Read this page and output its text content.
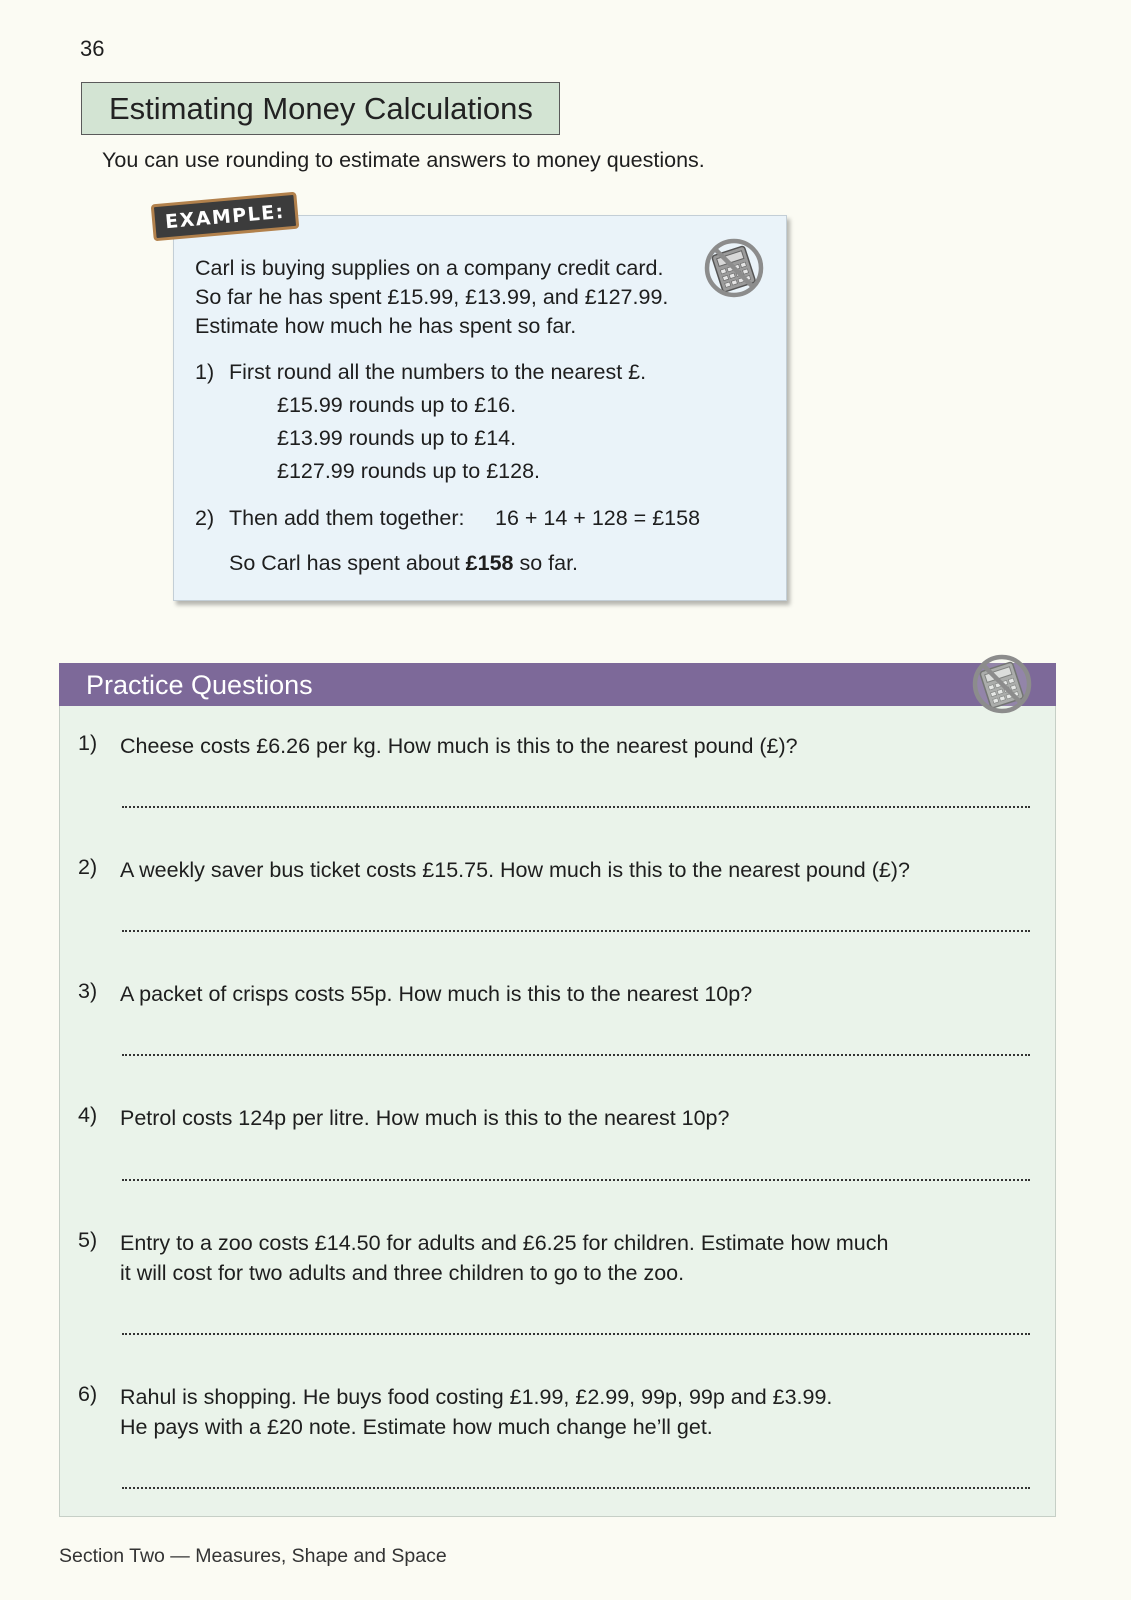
36
Estimating Money Calculations
You can use rounding to estimate answers to money questions.
EXAMPLE:
Carl is buying supplies on a company credit card.
So far he has spent £15.99, £13.99, and £127.99.
Estimate how much he has spent so far.
1) First round all the numbers to the nearest £.
£15.99 rounds up to £16.
£13.99 rounds up to £14.
£127.99 rounds up to £128.
2) Then add them together: 16 + 14 + 128 = £158
So Carl has spent about £158 so far.
Practice Questions
1) Cheese costs £6.26 per kg. How much is this to the nearest pound (£)?
2) A weekly saver bus ticket costs £15.75. How much is this to the nearest pound (£)?
3) A packet of crisps costs 55p. How much is this to the nearest 10p?
4) Petrol costs 124p per litre. How much is this to the nearest 10p?
5) Entry to a zoo costs £14.50 for adults and £6.25 for children. Estimate how much
it will cost for two adults and three children to go to the zoo.
6) Rahul is shopping. He buys food costing £1.99, £2.99, 99p, 99p and £3.99.
He pays with a £20 note. Estimate how much change he’ll get.
Section Two — Measures, Shape and Space
